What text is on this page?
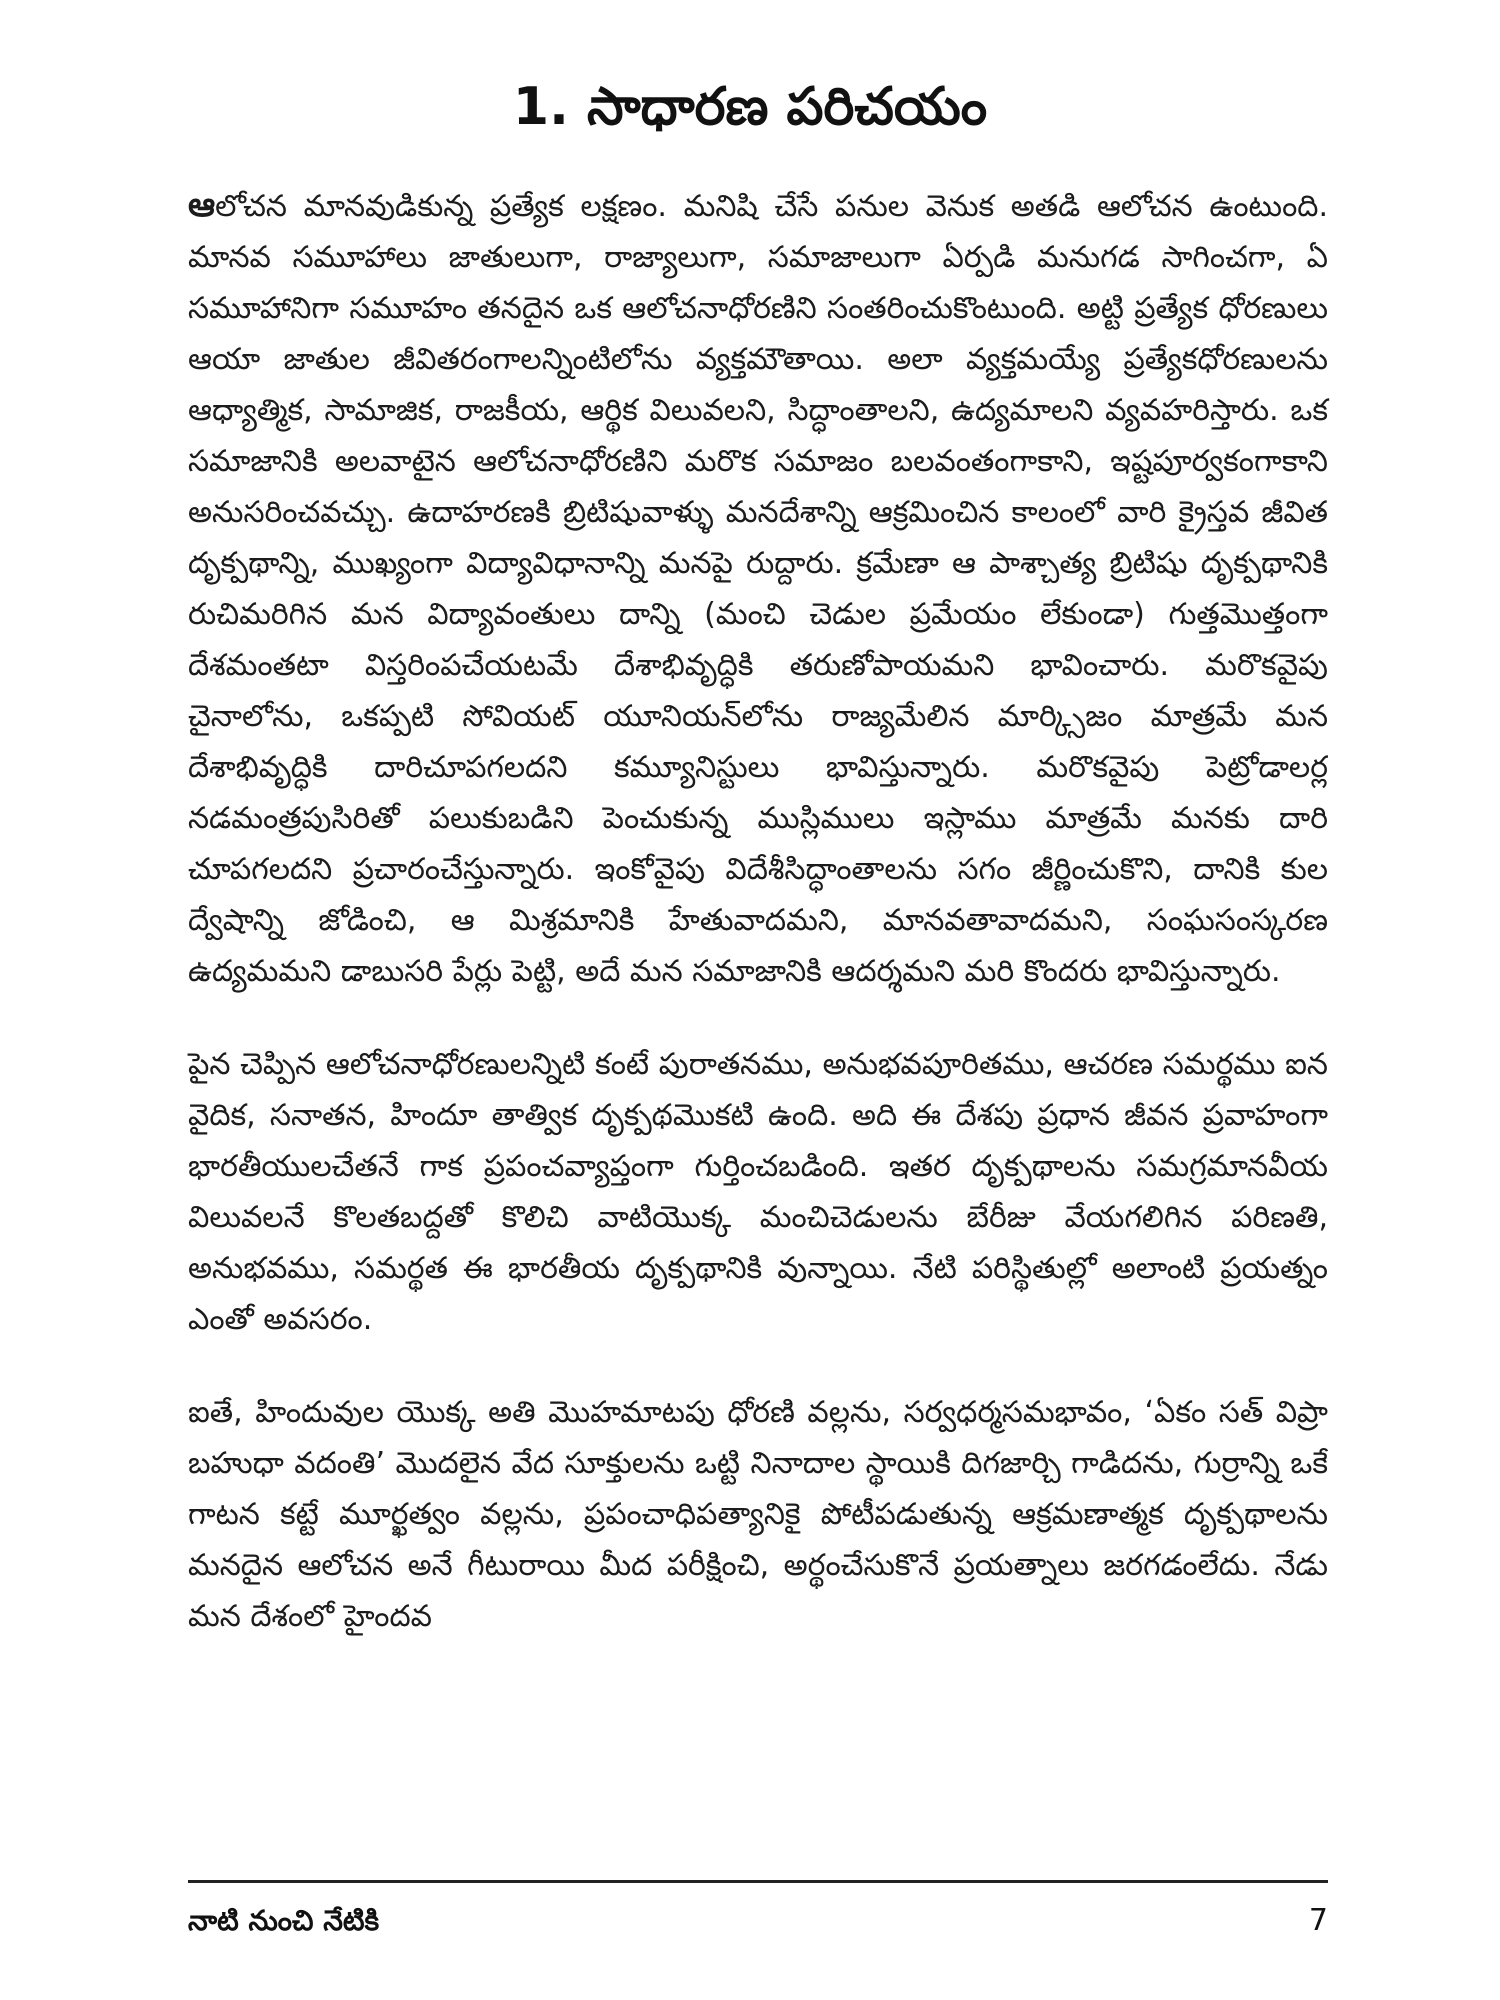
1. సాధారణ పరిచయం

ఆలోచన మానవుడికున్న ప్రత్యేక లక్షణం. మనిషి చేసే పనుల వెనుక అతడి ఆలోచన ఉంటుంది. మానవ సమూహాలు జాతులుగా, రాజ్యాలుగా, సమాజాలుగా ఏర్పడి మనుగడ సాగించగా, ఏ సమూహానిగా సమూహం తనదైన ఒక ఆలోచనాధోరణిని సంతరించుకొంటుంది. అట్టి ప్రత్యేక ధోరణులు ఆయా జాతుల జీవితరంగాలన్నింటిలోను వ్యక్తమౌతాయి. అలా వ్యక్తమయ్యే ప్రత్యేకధోరణులను ఆధ్యాత్మిక, సామాజిక, రాజకీయ, ఆర్థిక విలువలని, సిద్ధాంతాలని, ఉద్యమాలని వ్యవహరిస్తారు. ఒక సమాజానికి అలవాటైన ఆలోచనాధోరణిని మరొక సమాజం బలవంతంగాకాని, ఇష్టపూర్వకంగాకాని అనుసరించవచ్చు. ఉదాహరణకి బ్రిటిషువాళ్ళు మనదేశాన్ని ఆక్రమించిన కాలంలో వారి క్రైస్తవ జీవిత దృక్పథాన్ని, ముఖ్యంగా విద్యావిధానాన్ని మనపై రుద్దారు. క్రమేణా ఆ పాశ్చాత్య బ్రిటిషు దృక్పథానికి రుచిమరిగిన మన విద్యావంతులు దాన్ని (మంచి చెడుల ప్రమేయం లేకుండా) గుత్తమొత్తంగా దేశమంతటా విస్తరింపచేయటమే దేశాభివృద్ధికి తరుణోపాయమని భావించారు. మరొకవైపు చైనాలోను, ఒకప్పటి సోవియట్ యూనియన్‌లోను రాజ్యమేలిన మార్క్సిజం మాత్రమే మన దేశాభివృద్ధికి దారిచూపగలదని కమ్యూనిస్టులు భావిస్తున్నారు. మరొకవైపు పెట్రోడాలర్ల నడమంత్రపుసిరితో పలుకుబడిని పెంచుకున్న ముస్లిములు ఇస్లాము మాత్రమే మనకు దారి చూపగలదని ప్రచారంచేస్తున్నారు. ఇంకోవైపు విదేశీసిద్ధాంతాలను సగం జీర్ణించుకొని, దానికి కుల ద్వేషాన్ని జోడించి, ఆ మిశ్రమానికి హేతువాదమని, మానవతావాదమని, సంఘసంస్కరణ ఉద్యమమని డాబుసరి పేర్లు పెట్టి, అదే మన సమాజానికి ఆదర్శమని మరి కొందరు భావిస్తున్నారు.

పైన చెప్పిన ఆలోచనాధోరణులన్నిటి కంటే పురాతనము, అనుభవపూరితము, ఆచరణ సమర్థము ఐన వైదిక, సనాతన, హిందూ తాత్విక దృక్పథమొకటి ఉంది. అది ఈ దేశపు ప్రధాన జీవన ప్రవాహంగా భారతీయులచేతనే గాక ప్రపంచవ్యాప్తంగా గుర్తించబడింది. ఇతర దృక్పథాలను సమగ్రమానవీయ విలువలనే కొలతబద్దతో కొలిచి వాటియొక్క మంచిచెడులను బేరీజు వేయగలిగిన పరిణతి, అనుభవము, సమర్థత ఈ భారతీయ దృక్పథానికి వున్నాయి. నేటి పరిస్థితుల్లో అలాంటి ప్రయత్నం ఎంతో అవసరం.

ఐతే, హిందువుల యొక్క అతి మొహమాటపు ధోరణి వల్లను, సర్వధర్మసమభావం, ‘ఏకం సత్ విప్రా బహుధా వదంతి’ మొదలైన వేద సూక్తులను ఒట్టి నినాదాల స్థాయికి దిగజార్చి గాడిదను, గుర్రాన్ని ఒకే గాటన కట్టే మూర్ఖత్వం వల్లను, ప్రపంచాధిపత్యానికై పోటీపడుతున్న ఆక్రమణాత్మక దృక్పథాలను మనదైన ఆలోచన అనే గీటురాయి మీద పరీక్షించి, అర్థంచేసుకొనే ప్రయత్నాలు జరగడంలేదు. నేడు మన దేశంలో హైందవ

నాటి నుంచి నేటికి	7
